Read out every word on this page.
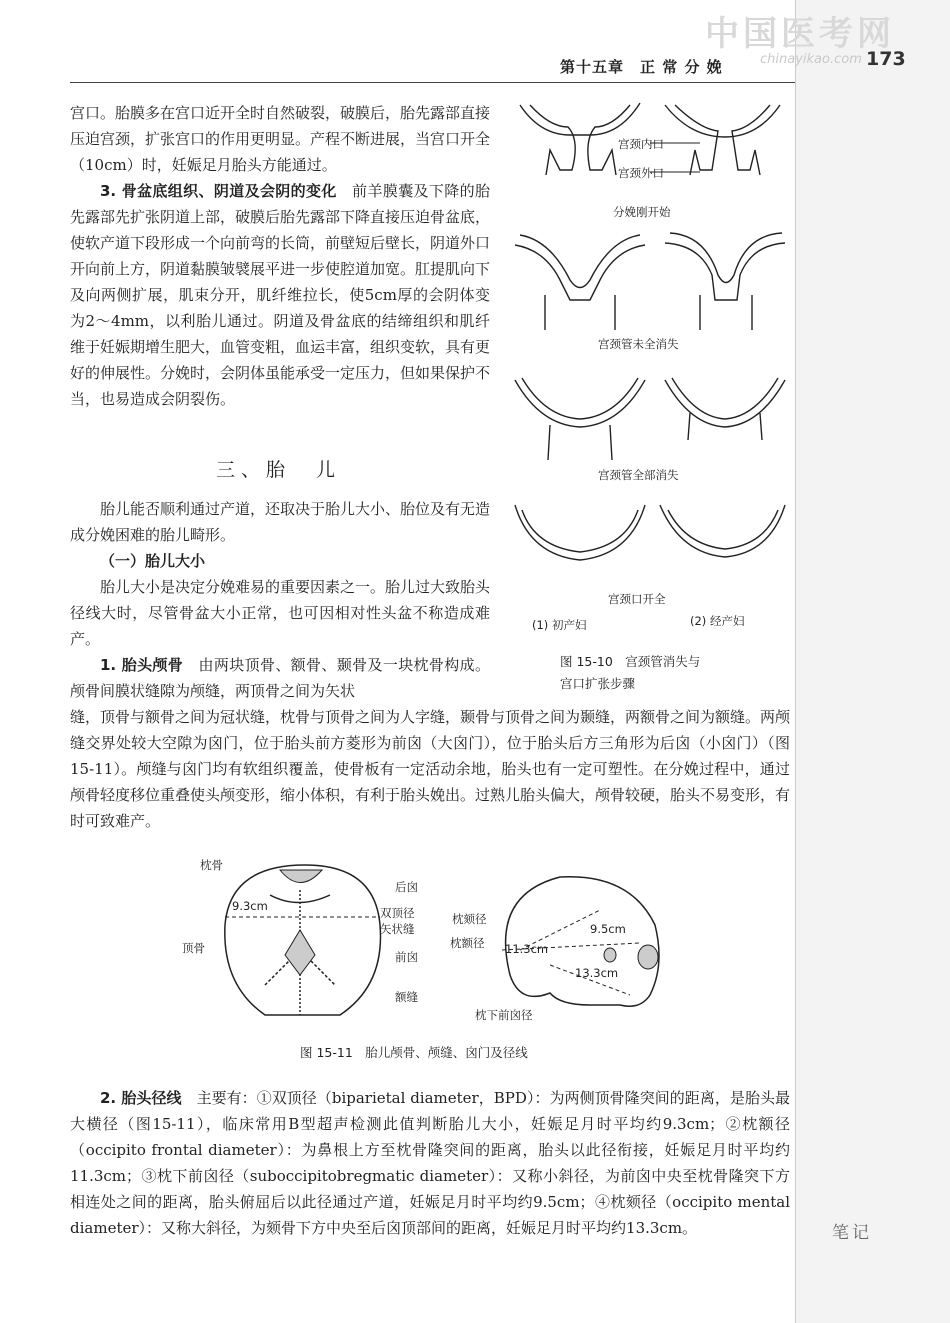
中国医考网
chinayikao.com
第十五章　正 常 分 娩	173

宫口。胎膜多在宫口近开全时自然破裂，破膜后，胎先露部直接压迫宫颈，扩张宫口的作用更明显。产程不断进展，当宫口开全（10cm）时，妊娠足月胎头方能通过。

3. 骨盆底组织、阴道及会阴的变化　前羊膜囊及下降的胎先露部先扩张阴道上部，破膜后胎先露部下降直接压迫骨盆底，使软产道下段形成一个向前弯的长筒，前壁短后壁长，阴道外口开向前上方，阴道黏膜皱襞展平进一步使腔道加宽。肛提肌向下及向两侧扩展，肌束分开，肌纤维拉长，使5cm厚的会阴体变为2～4mm，以利胎儿通过。阴道及骨盆底的结缔组织和肌纤维于妊娠期增生肥大，血管变粗，血运丰富，组织变软，具有更好的伸展性。分娩时，会阴体虽能承受一定压力，但如果保护不当，也易造成会阴裂伤。

三、胎　儿

胎儿能否顺利通过产道，还取决于胎儿大小、胎位及有无造成分娩困难的胎儿畸形。

（一）胎儿大小

胎儿大小是决定分娩难易的重要因素之一。胎儿过大致胎头径线大时，尽管骨盆大小正常，也可因相对性头盆不称造成难产。

1. 胎头颅骨　由两块顶骨、额骨、颞骨及一块枕骨构成。颅骨间膜状缝隙为颅缝，两顶骨之间为矢状

缝，顶骨与额骨之间为冠状缝，枕骨与顶骨之间为人字缝，颞骨与顶骨之间为颞缝，两额骨之间为额缝。两颅缝交界处较大空隙为囟门，位于胎头前方菱形为前囟（大囟门），位于胎头后方三角形为后囟（小囟门）（图15-11）。颅缝与囟门均有软组织覆盖，使骨板有一定活动余地，胎头也有一定可塑性。在分娩过程中，通过颅骨轻度移位重叠使头颅变形，缩小体积，有利于胎头娩出。过熟儿胎头偏大，颅骨较硬，胎头不易变形，有时可致难产。

宫颈内口
宫颈外口
分娩刚开始
宫颈管未全消失
宫颈管全部消失
宫颈口开全
(1) 初产妇	(2) 经产妇
图 15-10　宫颈管消失与
宫口扩张步骤
枕骨
后囟
9.3cm	双顶径
矢状缝
顶骨
前囟
额缝
枕颏径
枕额径 11.3cm
9.5cm
13.3cm
枕下前囟径
图 15-11　胎儿颅骨、颅缝、囟门及径线

2. 胎头径线　主要有：①双顶径（biparietal diameter，BPD）：为两侧顶骨隆突间的距离，是胎头最大横径（图15-11），临床常用B型超声检测此值判断胎儿大小，妊娠足月时平均约9.3cm；②枕额径（occipito frontal diameter）：为鼻根上方至枕骨隆突间的距离，胎头以此径衔接，妊娠足月时平均约11.3cm；③枕下前囟径（suboccipitobregmatic diameter）：又称小斜径，为前囟中央至枕骨隆突下方相连处之间的距离，胎头俯屈后以此径通过产道，妊娠足月时平均约9.5cm；④枕颏径（occipito mental diameter）：又称大斜径，为颏骨下方中央至后囟顶部间的距离，妊娠足月时平均约13.3cm。	笔记
